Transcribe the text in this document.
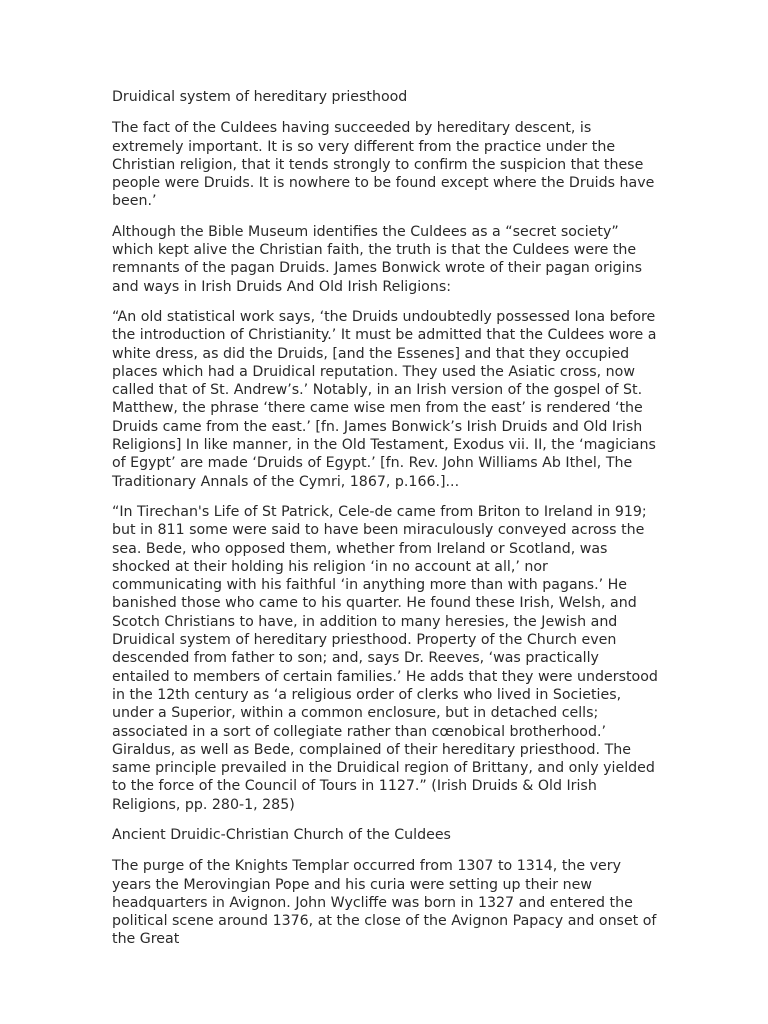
Druidical system of hereditary priesthood

The fact of the Culdees having succeeded by hereditary descent, is extremely important. It is so very different from the practice under the Christian religion, that it tends strongly to confirm the suspicion that these people were Druids. It is nowhere to be found except where the Druids have been.’

Although the Bible Museum identifies the Culdees as a “secret society” which kept alive the Christian faith, the truth is that the Culdees were the remnants of the pagan Druids. James Bonwick wrote of their pagan origins and ways in Irish Druids And Old Irish Religions:

“An old statistical work says, ‘the Druids undoubtedly possessed Iona before the introduction of Christianity.’ It must be admitted that the Culdees wore a white dress, as did the Druids, [and the Essenes] and that they occupied places which had a Druidical reputation. They used the Asiatic cross, now called that of St. Andrew’s.’ Notably, in an Irish version of the gospel of St. Matthew, the phrase ‘there came wise men from the east’ is rendered ‘the Druids came from the east.’ [fn. James Bonwick’s Irish Druids and Old Irish Religions] In like manner, in the Old Testament, Exodus vii. II, the ‘magicians of Egypt’ are made ‘Druids of Egypt.’ [fn. Rev. John Williams Ab Ithel, The Traditionary Annals of the Cymri, 1867, p.166.]...

“In Tirechan's Life of St Patrick, Cele-de came from Briton to Ireland in 919; but in 811 some were said to have been miraculously conveyed across the sea. Bede, who opposed them, whether from Ireland or Scotland, was shocked at their holding his religion ‘in no account at all,’ nor communicating with his faithful ‘in anything more than with pagans.’ He banished those who came to his quarter. He found these Irish, Welsh, and Scotch Christians to have, in addition to many heresies, the Jewish and Druidical system of hereditary priesthood. Property of the Church even descended from father to son; and, says Dr. Reeves, ‘was practically entailed to members of certain families.’ He adds that they were understood in the 12th century as ‘a religious order of clerks who lived in Societies, under a Superior, within a common enclosure, but in detached cells; associated in a sort of collegiate rather than cœnobical brotherhood.’ Giraldus, as well as Bede, complained of their hereditary priesthood. The same principle prevailed in the Druidical region of Brittany, and only yielded to the force of the Council of Tours in 1127.” (Irish Druids & Old Irish Religions, pp. 280-1, 285)

Ancient Druidic-Christian Church of the Culdees

The purge of the Knights Templar occurred from 1307 to 1314, the very years the Merovingian Pope and his curia were setting up their new headquarters in Avignon. John Wycliffe was born in 1327 and entered the political scene around 1376, at the close of the Avignon Papacy and onset of the Great
